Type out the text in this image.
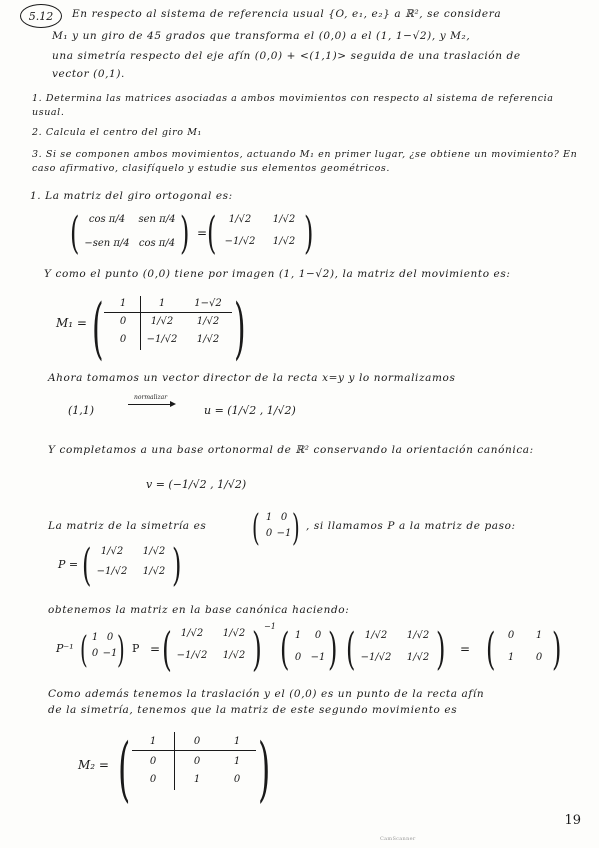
5.12 En respecto al sistema de referencia usual {O, e₁, e₂} a ℝ², se considera
M₁ y un giro de 45 grados que transforma el (0,0) a el (1, 1−√2), y M₂,
una simetría respecto del eje afín (0,0) + <(1,1)> seguida de una traslación de
vector (0,1).
1. Determina las matrices asociadas a ambos movimientos con respecto al sistema de referencia
usual.
2. Calcula el centro del giro M₁
3. Si se componen ambos movimientos, actuando M₁ en primer lugar, ¿se obtiene un movimiento? En
caso afirmativo, clasifíquelo y estudie sus elementos geométricos.
1. La matriz del giro ortogonal es:
( cos π/4	sen π/4
−sen π/4 cos π/4 ) = (	1/√2	1/√2
−1/√2	1/√2 )
Y como el punto (0,0) tiene por imagen (1, 1−√2), la matriz del movimiento es:
M₁ = (	1	1	1−√2
0	1/√2	1/√2
0	−1/√2	1/√2 )
Ahora tomamos un vector director de la recta x=y y lo normalizamos
(1,1)
normalizar
u = (1/√2 , 1/√2)
Y completamos a una base ortonormal de ℝ² conservando la orientación canónica:
v = (−1/√2 , 1/√2)
La matriz de la simetría es ( 1 0
0 −1 ) , si llamamos P a la matriz de paso:
P = ( 1/√2	1/√2
−1/√2	1/√2 )
obtenemos la matriz en la base canónica haciendo:
P⁻¹ ( 1 0
0 −1 ) P = ( 1/√2	1/√2
−1/√2	1/√2 ) −1 ( 1	0
0 −1 ) ( 1/√2	1/√2
−1/√2	1/√2 ) = (	0	1
1	0 )
Como además tenemos la traslación y el (0,0) es un punto de la recta afín
de la simetría, tenemos que la matriz de este segundo movimiento es
M₂ = (	1	0	1
0	0	1
0	1	0 )
19
CamScanner
